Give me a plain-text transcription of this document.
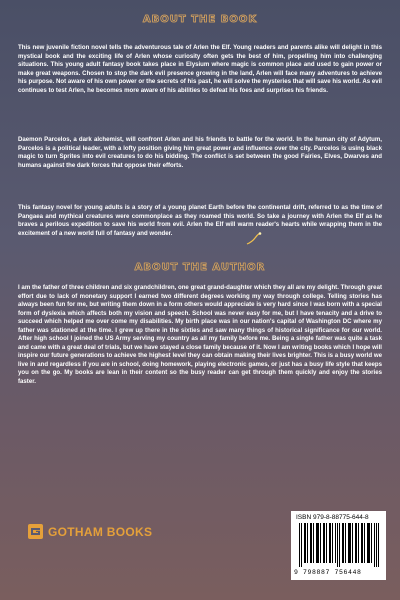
ABOUT THE BOOK

This new juvenile fiction novel tells the adventurous tale of Arlen the Elf. Young readers and parents alike will delight in this mystical book and the exciting life of Arlen whose curiosity often gets the best of him, propelling him into challenging situations. This young adult fantasy book takes place in Elysium where magic is common place and used to gain power or make great weapons. Chosen to stop the dark evil presence growing in the land, Arlen will face many adventures to achieve his purpose. Not aware of his own power or the secrets of his past, he will solve the mysteries that will save his world. As evil continues to test Arlen, he becomes more aware of his abilities to defeat his foes and surprises his friends.

Daemon Parcelos, a dark alchemist, will confront Arlen and his friends to battle for the world. In the human city of Adytum, Parcelos is a political leader, with a lofty position giving him great power and influence over the city. Parcelos is using black magic to turn Sprites into evil creatures to do his bidding. The conflict is set between the good Fairies, Elves, Dwarves and humans against the dark forces that oppose their efforts.

This fantasy novel for young adults is a story of a young planet Earth before the continental drift, referred to as the time of Pangaea and mythical creatures were commonplace as they roamed this world. So take a journey with Arlen the Elf as he braves a perilous expedition to save his world from evil. Arlen the Elf will warm reader's hearts while wrapping them in the excitement of a new world full of fantasy and wonder.

ABOUT THE AUTHOR

I am the father of three children and six grandchildren, one great grand-daughter which they all are my delight. Through great effort due to lack of monetary support I earned two different degrees working my way through college. Telling stories has always been fun for me, but writing them down in a form others would appreciate is very hard since I was born with a special form of dyslexia which affects both my vision and speech. School was never easy for me, but I have tenacity and a drive to succeed which helped me over come my disabilities. My birth place was in our nation's capital of Washington DC where my father was stationed at the time. I grew up there in the sixties and saw many things of historical significance for our world. After high school I joined the US Army serving my country as all my family before me. Being a single father was quite a task and came with a great deal of trials, but we have stayed a close family because of it. Now I am writing books which I hope will inspire our future generations to achieve the highest level they can obtain making their lives brighter. This is a busy world we live in and regardless if you are in school, doing homework, playing electronic games, or just has a busy life style that keeps you on the go. My books are lean in their content so the busy reader can get through them quickly and enjoy the stories faster.

GOTHAM BOOKS
ISBN 979-8-88775-644-8
9 798887 756448
